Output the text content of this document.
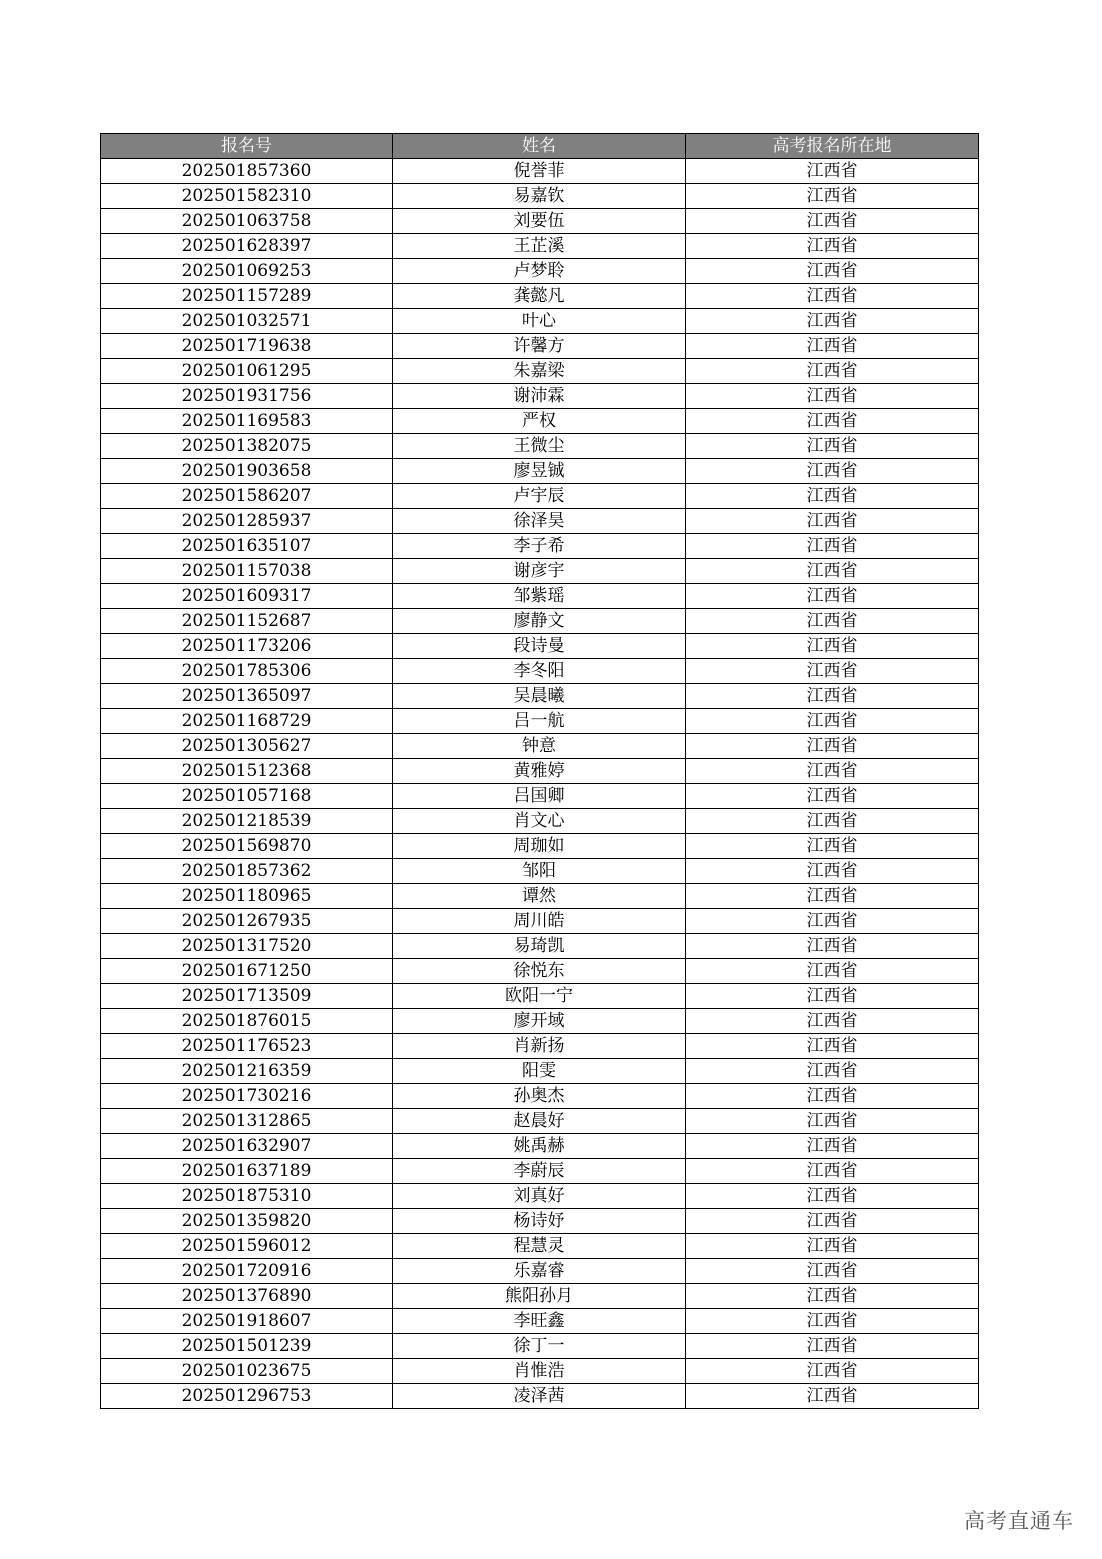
报名号	姓名	高考报名所在地
202501857360	倪誉菲	江西省
202501582310	易嘉钦	江西省
202501063758	刘要伍	江西省
202501628397	王芷溪	江西省
202501069253	卢梦聆	江西省
202501157289	龚懿凡	江西省
202501032571	叶心	江西省
202501719638	许馨方	江西省
202501061295	朱嘉梁	江西省
202501931756	谢沛霖	江西省
202501169583	严权	江西省
202501382075	王微尘	江西省
202501903658	廖昱铖	江西省
202501586207	卢宇辰	江西省
202501285937	徐泽昊	江西省
202501635107	李子希	江西省
202501157038	谢彦宇	江西省
202501609317	邹紫瑶	江西省
202501152687	廖静文	江西省
202501173206	段诗曼	江西省
202501785306	李冬阳	江西省
202501365097	吴晨曦	江西省
202501168729	吕一航	江西省
202501305627	钟意	江西省
202501512368	黄雅婷	江西省
202501057168	吕国卿	江西省
202501218539	肖文心	江西省
202501569870	周珈如	江西省
202501857362	邹阳	江西省
202501180965	谭然	江西省
202501267935	周川皓	江西省
202501317520	易琦凯	江西省
202501671250	徐悦东	江西省
202501713509	欧阳一宁	江西省
202501876015	廖开域	江西省
202501176523	肖新扬	江西省
202501216359	阳雯	江西省
202501730216	孙奥杰	江西省
202501312865	赵晨好	江西省
202501632907	姚禹赫	江西省
202501637189	李蔚辰	江西省
202501875310	刘真好	江西省
202501359820	杨诗妤	江西省
202501596012	程慧灵	江西省
202501720916	乐嘉睿	江西省
202501376890	熊阳孙月	江西省
202501918607	李旺鑫	江西省
202501501239	徐丁一	江西省
202501023675	肖惟浩	江西省
202501296753	凌泽茜	江西省
高考直通车
